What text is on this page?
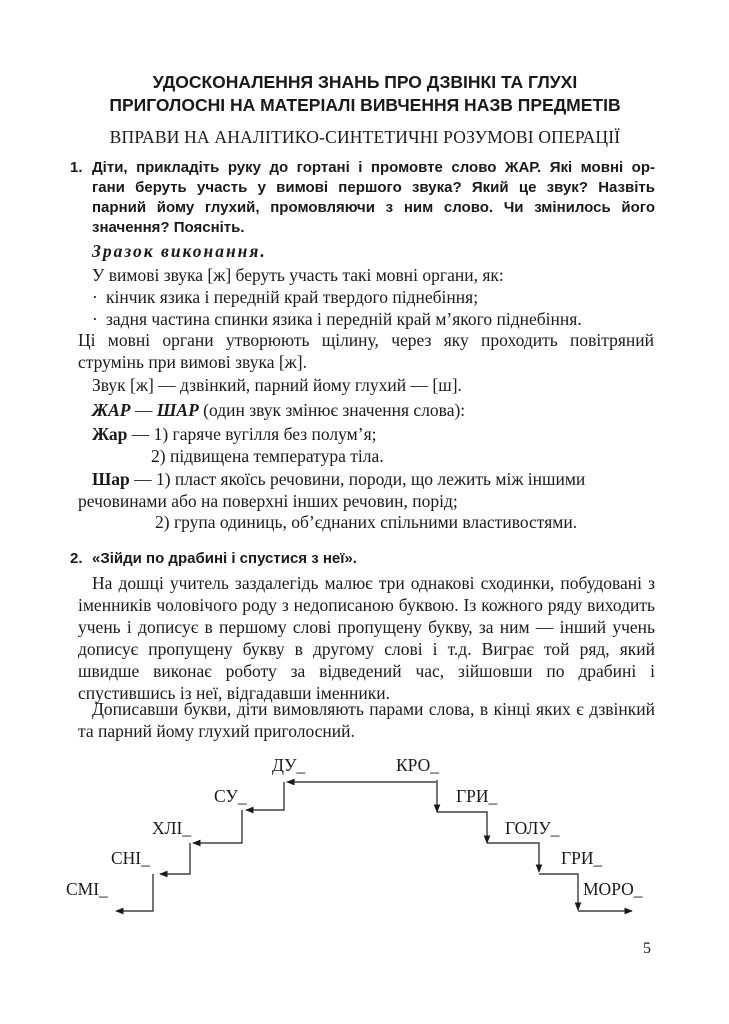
УДОСКОНАЛЕННЯ ЗНАНЬ ПРО ДЗВІНКІ ТА ГЛУХІ
ПРИГОЛОСНІ НА МАТЕРІАЛІ ВИВЧЕННЯ НАЗВ ПРЕДМЕТІВ
ВПРАВИ НА АНАЛІТИКО-СИНТЕТИЧНІ РОЗУМОВІ ОПЕРАЦІЇ
1. Діти, прикладіть руку до гортані і промовте слово ЖАР. Які мовні ор-
гани беруть участь у вимові першого звука? Який це звук? Назвіть
парний йому глухий, промовляючи з ним слово. Чи змінилось його
значення? Поясніть.
Зразок виконання.
У вимові звука [ж] беруть участь такі мовні органи, як:
· кінчик язика і передній край твердого піднебіння;
· задня частина спинки язика і передній край м’якого піднебіння.
Ці мовні органи утворюють щілину, через яку проходить повітряний струмінь при вимові звука [ж].
Звук [ж] — дзвінкий, парний йому глухий — [ш].
ЖАР — ШАР (один звук змінює значення слова):
Жар — 1) гаряче вугілля без полум’я;
2) підвищена температура тіла.
Шар — 1) пласт якоїсь речовини, породи, що лежить між іншими
речовинами або на поверхні інших речовин, порід;
2) група одиниць, об’єднаних спільними властивостями.
2. «Зійди по драбині і спустися з неї».
На дошці учитель заздалегідь малює три однакові сходинки, побудовані з іменників чоловічого роду з недописаною буквою. Із кожного ряду виходить учень і дописує в першому слові пропущену букву, за ним — інший учень дописує пропущену букву в другому слові і т.д. Виграє той ряд, який швидше виконає роботу за відведений час, зійшовши по драбині і спустившись із неї, відгадавши іменники.
Дописавши букви, діти вимовляють парами слова, в кінці яких є дзвінкий та парний йому глухий приголосний.
ДУ_
СУ_
ХЛІ_
СНІ_
СМІ_
КРО_
ГРИ_
ГОЛУ_
ГРИ_
МОРО_
5
